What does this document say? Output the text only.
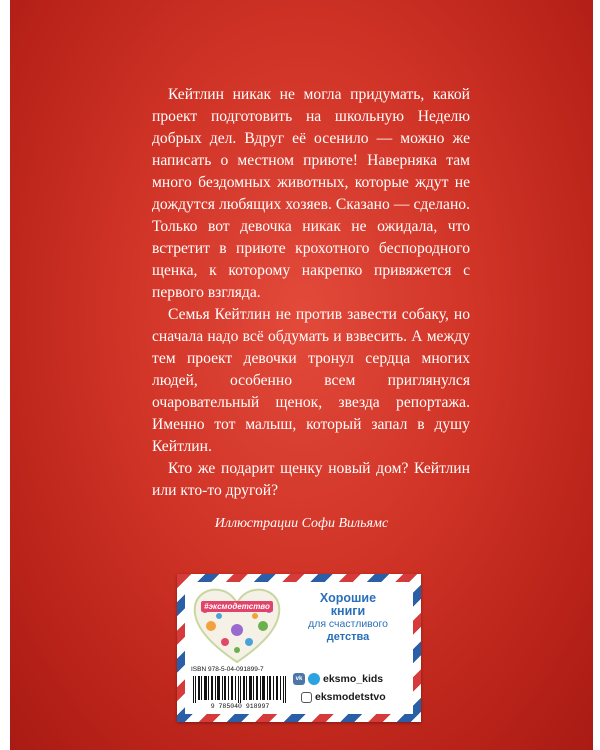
Кейтлин никак не могла придумать, какой проект подготовить на школьную Неделю добрых дел. Вдруг её осенило — можно же написать о местном приюте! Наверняка там много бездомных животных, которые ждут не дождутся любящих хозяев. Сказано — сделано. Только вот девочка никак не ожидала, что встретит в приюте крохотного беспородного щенка, к которому накрепко привяжется с первого взгляда.

Семья Кейтлин не против завести собаку, но сначала надо всё обдумать и взвесить. А между тем проект девочки тронул сердца многих людей, особенно всем приглянулся очаровательный щенок, звезда репортажа. Именно тот малыш, который запал в душу Кейтлин.

Кто же подарит щенку новый дом? Кейтлин или кто-то другой?

Иллюстрации Софи Вильямс
#эксмодетство
Хорошие
книги
для счастливого
детства
ISBN 978-5-04-091899-7
9 785040 918997
vk eksmo_kids
eksmodetstvo
